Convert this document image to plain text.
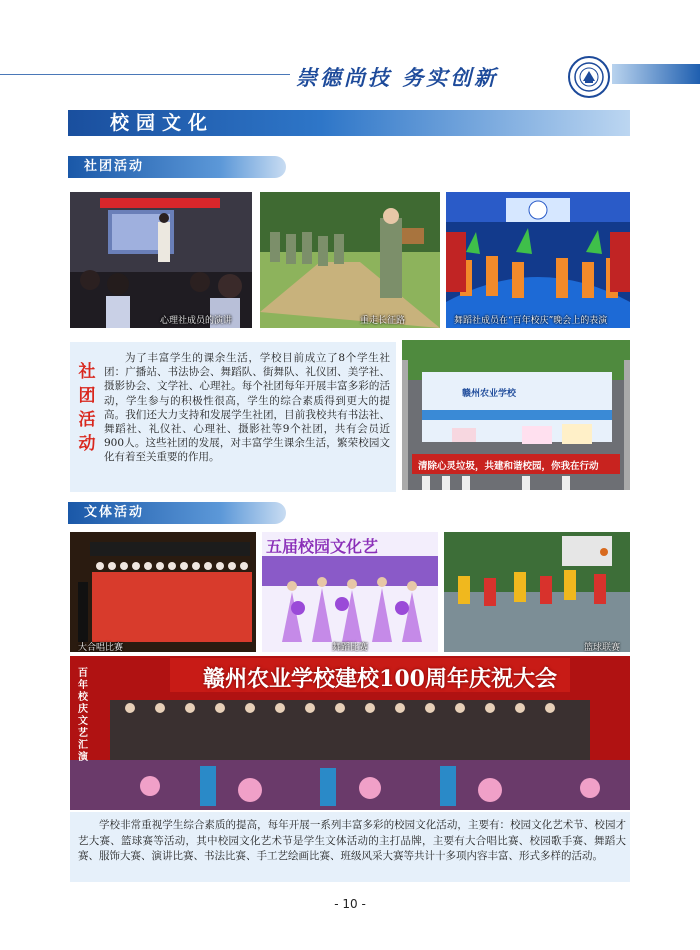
崇德尚技 务实创新
校园文化
社团活动
心理社成员的演讲	重走长征路	舞蹈社成员在“百年校庆”晚会上的表演
社
团
活
动
为了丰富学生的课余生活，学校目前成立了8个学生社团：广播站、书法协会、舞蹈队、街舞队、礼仪团、美学社、摄影协会、文学社、心理社。每个社团每年开展丰富多彩的活动，学生参与的积极性很高，学生的综合素质得到更大的提高。我们还大力支持和发展学生社团，目前我校共有书法社、舞蹈社、礼仪社、心理社、摄影社等9个社团，共有会员近900人。这些社团的发展，对丰富学生课余生活，繁荣校园文化有着至关重要的作用。
赣州农业学校
清除心灵垃圾，共建和谐校园，你我在行动
文体活动
大合唱比赛
五届校园文化艺
舞蹈比赛	篮球联赛
赣州农业学校建校100周年庆祝大会
百年校庆文艺汇演
学校非常重视学生综合素质的提高，每年开展一系列丰富多彩的校园文化活动，主要有：校园文化艺术节、校园才艺大赛、篮球赛等活动，其中校园文化艺术节是学生文体活动的主打品牌，主要有大合唱比赛、校园歌手赛、舞蹈大赛、服饰大赛、演讲比赛、书法比赛、手工艺绘画比赛、班级风采大赛等共计十多项内容丰富、形式多样的活动。
- 10 -
